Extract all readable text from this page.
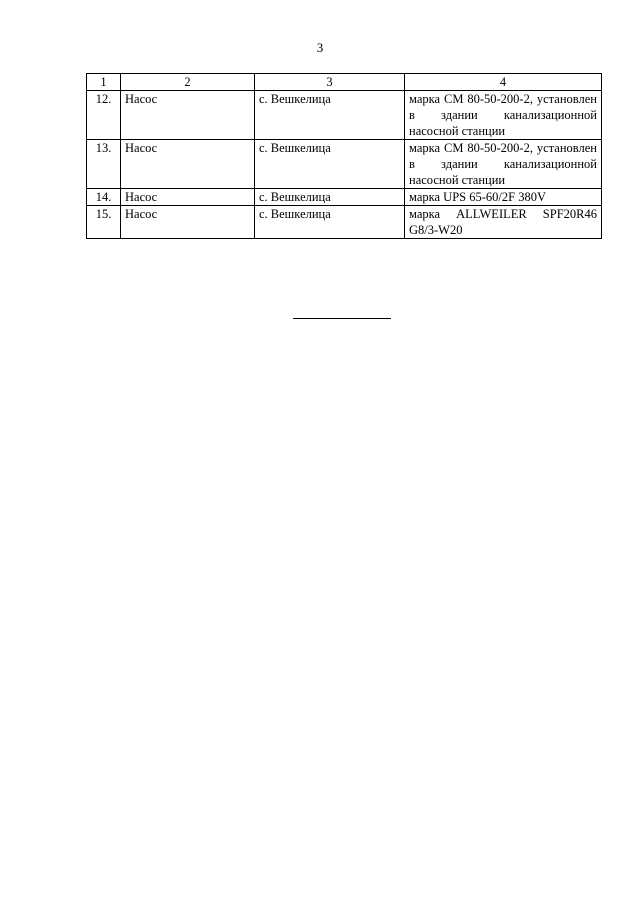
3
1	2	3	4
12.	Насос	с. Вешкелица	марка СМ 80-50-200-2, установлен в здании канализационной насосной станции
13.	Насос	с. Вешкелица	марка СМ 80-50-200-2, установлен в здании канализационной насосной станции
14.	Насос	с. Вешкелица	марка UPS 65-60/2F 380V
15.	Насос	с. Вешкелица	марка ALLWEILER SPF20R46 G8/3-W20
